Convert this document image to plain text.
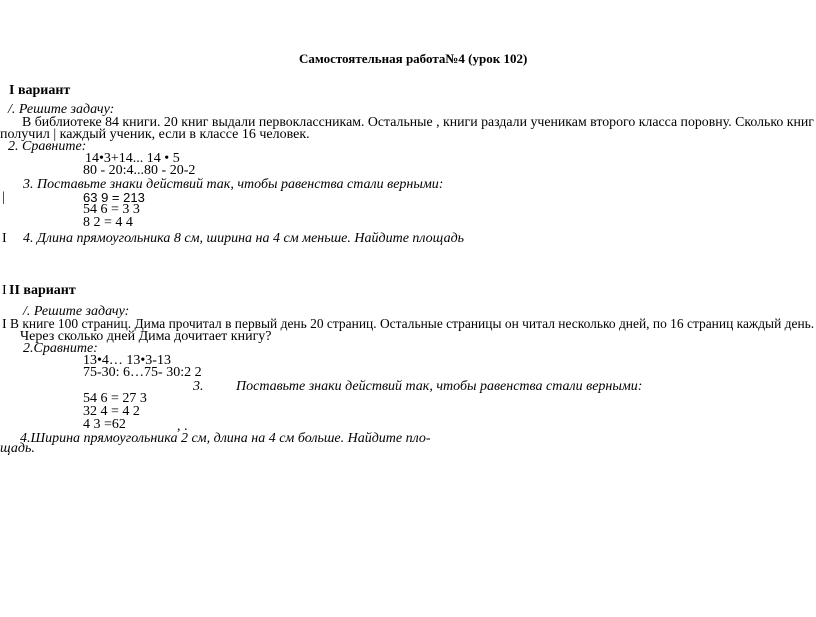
Самостоятельная работа№4 (урок 102)
I вариант
/. Решите задачу:
В библиотеке 84 книги. 20 книг выдали первоклассникам. Остальные , книги раздали ученикам второго класса поровну. Сколько книг
получил | каждый ученик, если в классе 16 человек.
2. Сравните:
14•3+14... 14 • 5
80 - 20:4...80 - 20-2
3. Поставьте знаки действий так, чтобы равенства стали верными:
|	63 9 = 213
54 6 = 3 3
8 2 = 4 4
I 4. Длина прямоугольника 8 см, ширина на 4 см меньше. Найдите площадь
I II вариант
/. Решите задачу:
I В книге 100 страниц. Дима прочитал в первый день 20 страниц. Остальные страницы он читал несколько дней, по 16 страниц каждый день.
Через сколько дней Дима дочитает книгу?
2.Сравните:
13•4… 13•3-13
75-30: 6…75- 30:2 2
3. Поставьте знаки действий так, чтобы равенства стали верными:
54 6 = 27 3
32 4 = 4 2
4 3 =62	, .
4.Ширина прямоугольника 2 см, длина на 4 см больше. Найдите пло-
щадь.
